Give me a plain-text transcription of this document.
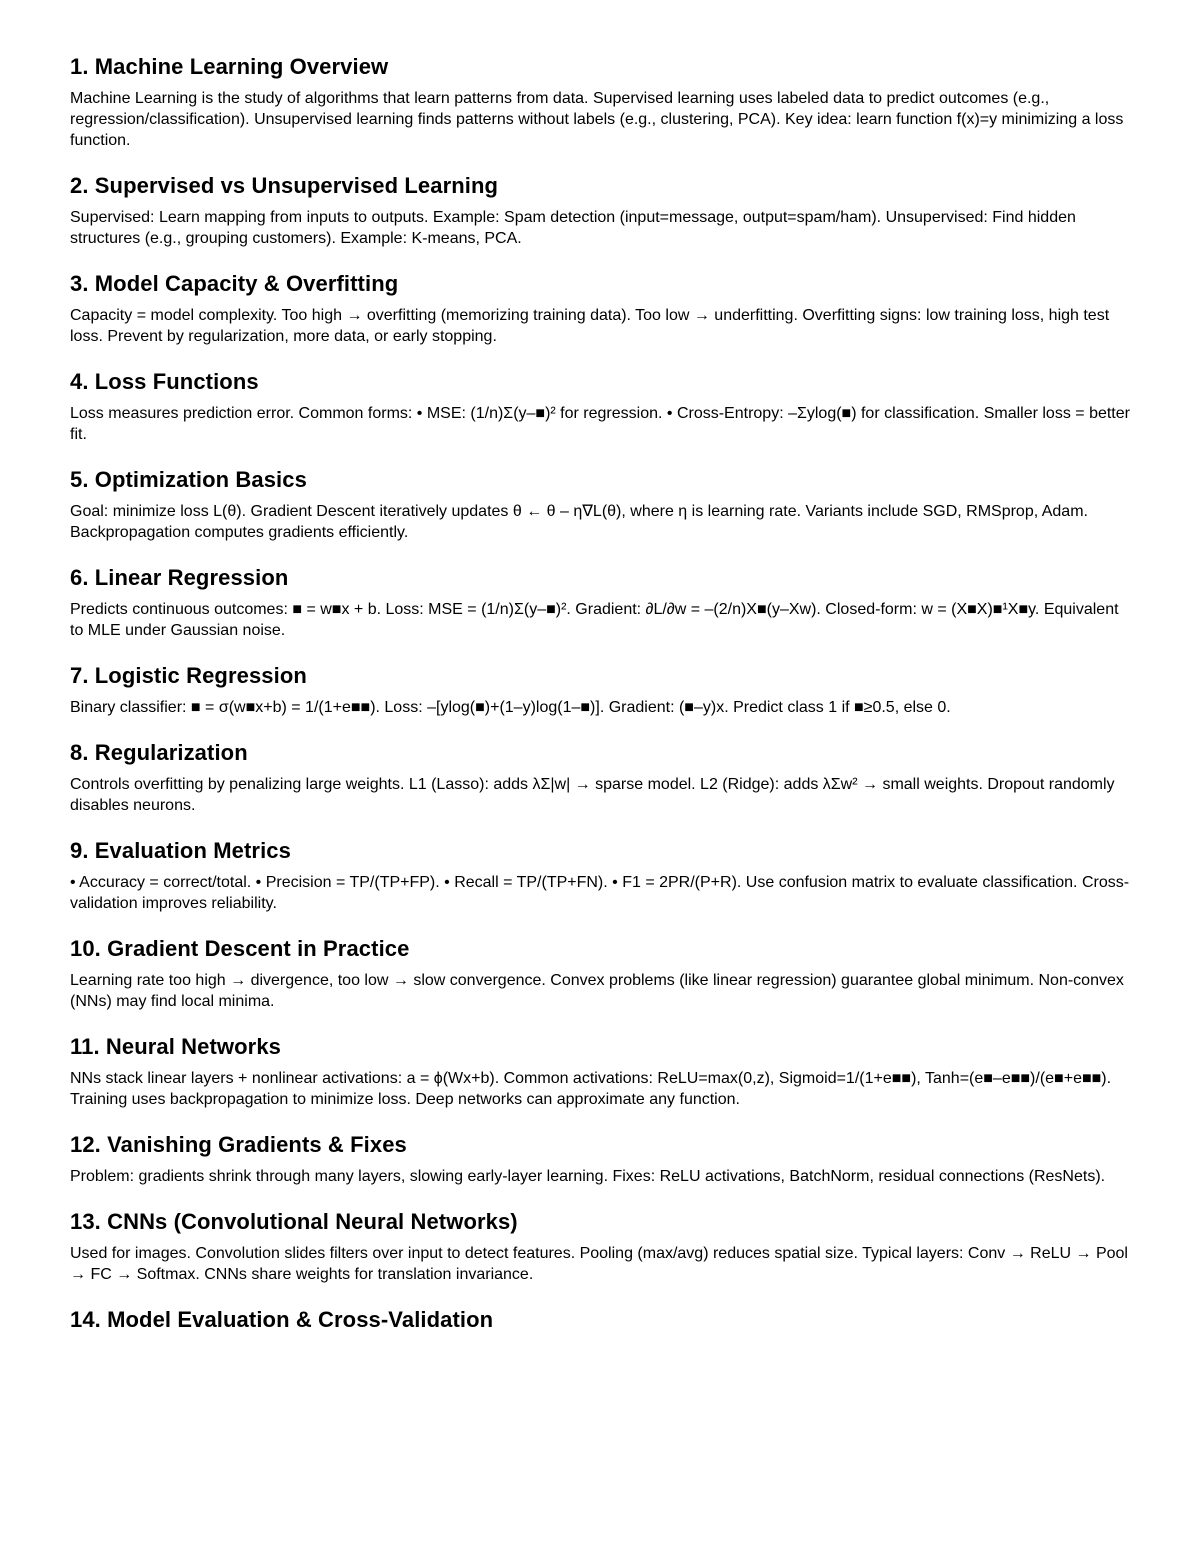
1. Machine Learning Overview

Machine Learning is the study of algorithms that learn patterns from data. Supervised learning uses labeled data to predict outcomes (e.g., regression/classification). Unsupervised learning finds patterns without labels (e.g., clustering, PCA). Key idea: learn function f(x)=y minimizing a loss function.

2. Supervised vs Unsupervised Learning

Supervised: Learn mapping from inputs to outputs. Example: Spam detection (input=message, output=spam/ham). Unsupervised: Find hidden structures (e.g., grouping customers). Example: K-means, PCA.

3. Model Capacity & Overfitting

Capacity = model complexity. Too high → overfitting (memorizing training data). Too low → underfitting. Overfitting signs: low training loss, high test loss. Prevent by regularization, more data, or early stopping.

4. Loss Functions

Loss measures prediction error. Common forms: • MSE: (1/n)Σ(y–■)² for regression. • Cross-Entropy: –Σylog(■) for classification. Smaller loss = better fit.

5. Optimization Basics

Goal: minimize loss L(θ). Gradient Descent iteratively updates θ ← θ – η∇L(θ), where η is learning rate. Variants include SGD, RMSprop, Adam. Backpropagation computes gradients efficiently.

6. Linear Regression

Predicts continuous outcomes: ■ = w■x + b. Loss: MSE = (1/n)Σ(y–■)². Gradient: ∂L/∂w = –(2/n)X■(y–Xw). Closed-form: w = (X■X)■¹X■y. Equivalent to MLE under Gaussian noise.

7. Logistic Regression

Binary classifier: ■ = σ(w■x+b) = 1/(1+e■■). Loss: –[ylog(■)+(1–y)log(1–■)]. Gradient: (■–y)x. Predict class 1 if ■≥0.5, else 0.

8. Regularization

Controls overfitting by penalizing large weights. L1 (Lasso): adds λΣ|w| → sparse model. L2 (Ridge): adds λΣw² → small weights. Dropout randomly disables neurons.

9. Evaluation Metrics

• Accuracy = correct/total. • Precision = TP/(TP+FP). • Recall = TP/(TP+FN). • F1 = 2PR/(P+R). Use confusion matrix to evaluate classification. Cross-validation improves reliability.

10. Gradient Descent in Practice

Learning rate too high → divergence, too low → slow convergence. Convex problems (like linear regression) guarantee global minimum. Non-convex (NNs) may find local minima.

11. Neural Networks

NNs stack linear layers + nonlinear activations: a = ϕ(Wx+b). Common activations: ReLU=max(0,z), Sigmoid=1/(1+e■■), Tanh=(e■–e■■)/(e■+e■■). Training uses backpropagation to minimize loss. Deep networks can approximate any function.

12. Vanishing Gradients & Fixes

Problem: gradients shrink through many layers, slowing early-layer learning. Fixes: ReLU activations, BatchNorm, residual connections (ResNets).

13. CNNs (Convolutional Neural Networks)

Used for images. Convolution slides filters over input to detect features. Pooling (max/avg) reduces spatial size. Typical layers: Conv → ReLU → Pool → FC → Softmax. CNNs share weights for translation invariance.

14. Model Evaluation & Cross-Validation
